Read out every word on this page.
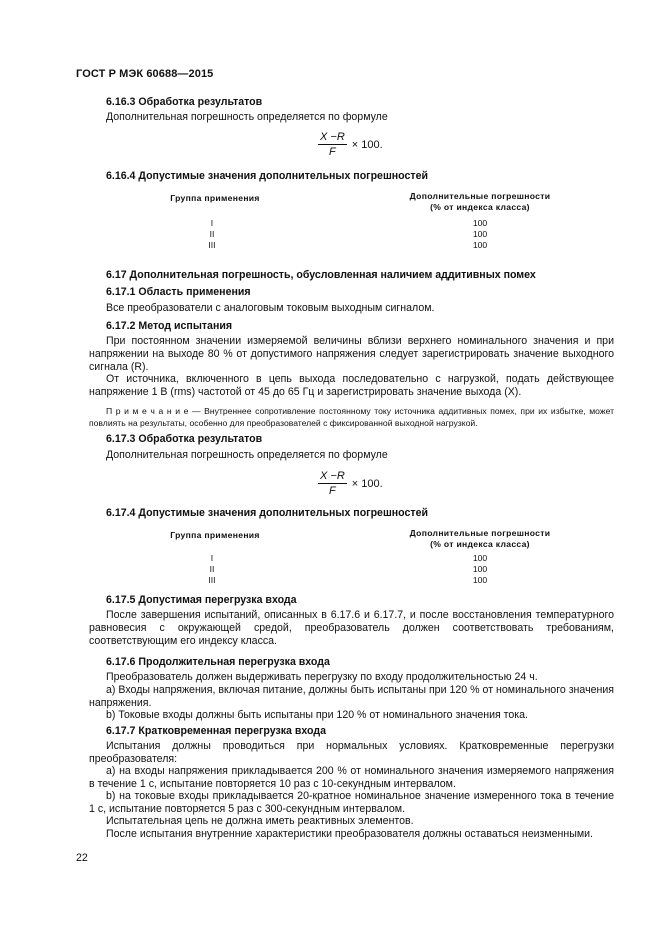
ГОСТ Р МЭК 60688—2015
6.16.3 Обработка результатов
Дополнительная погрешность определяется по формуле
$\frac{X -R}{F} \times 100$.
6.16.4 Допустимые значения дополнительных погрешностей
Группа применения	Дополнительные погрешности
(% от индекса класса)
I	100
II	100
III	100
6.17 Дополнительная погрешность, обусловленная наличием аддитивных помех
6.17.1 Область применения
Все преобразователи с аналоговым токовым выходным сигналом.
6.17.2 Метод испытания
При постоянном значении измеряемой величины вблизи верхнего номинального значения и при напряжении на выходе 80 % от допустимого напряжения следует зарегистрировать значение выходного сигнала (R).
От источника, включенного в цепь выхода последовательно с нагрузкой, подать действующее напряжение 1 В (rms) частотой от 45 до 65 Гц и зарегистрировать значение выхода (X).
П р и м е ч а н и е — Внутреннее сопротивление постоянному току источника аддитивных помех, при их избытке, может повлиять на результаты, особенно для преобразователей с фиксированной выходной нагрузкой.
6.17.3 Обработка результатов
Дополнительная погрешность определяется по формуле
$\frac{X -R}{F} \times 100$.
6.17.4 Допустимые значения дополнительных погрешностей
Группа применения	Дополнительные погрешности
(% от индекса класса)
I	100
II	100
III	100
6.17.5 Допустимая перегрузка входа
После завершения испытаний, описанных в 6.17.6 и 6.17.7, и после восстановления температурного равновесия с окружающей средой, преобразователь должен соответствовать требованиям, соответствующим его индексу класса.
6.17.6 Продолжительная перегрузка входа
Преобразователь должен выдерживать перегрузку по входу продолжительностью 24 ч.
a) Входы напряжения, включая питание, должны быть испытаны при 120 % от номинального значения напряжения.
b) Токовые входы должны быть испытаны при 120 % от номинального значения тока.
6.17.7 Кратковременная перегрузка входа
Испытания должны проводиться при нормальных условиях. Кратковременные перегрузки преобразователя:
a) на входы напряжения прикладывается 200 % от номинального значения измеряемого напряжения в течение 1 с, испытание повторяется 10 раз с 10-секундным интервалом.
b) на токовые входы прикладывается 20-кратное номинальное значение измеренного тока в течение 1 с, испытание повторяется 5 раз с 300-секундным интервалом.
Испытательная цепь не должна иметь реактивных элементов.
После испытания внутренние характеристики преобразователя должны оставаться неизменными.
22
